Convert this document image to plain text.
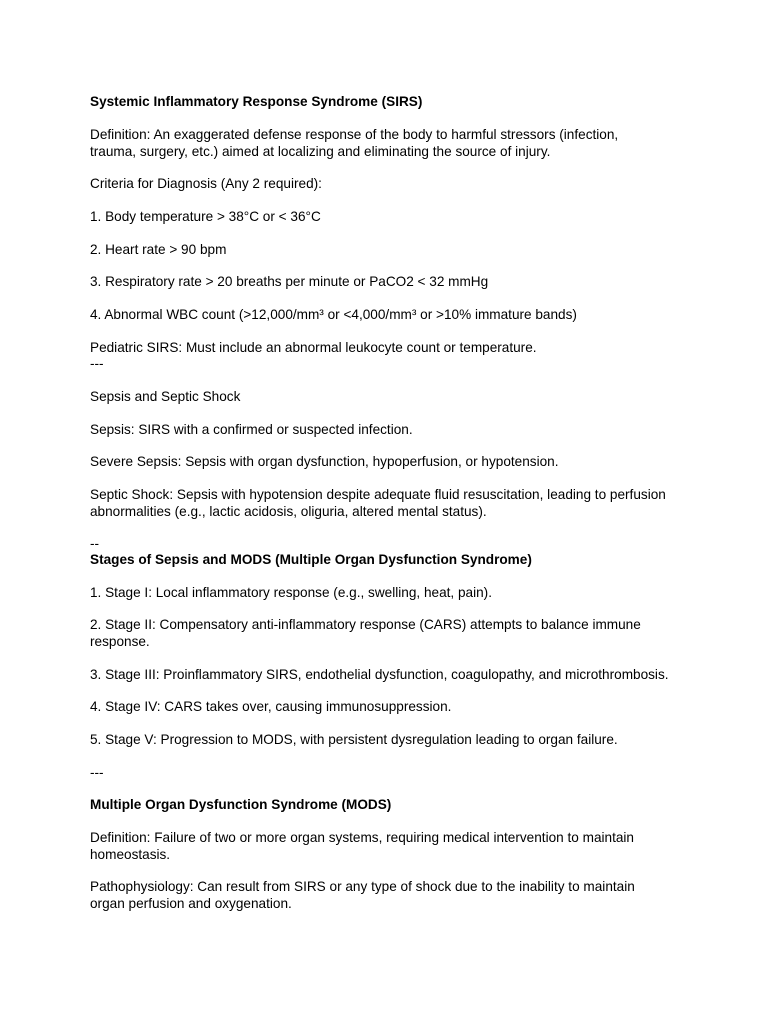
Systemic Inflammatory Response Syndrome (SIRS)

Definition: An exaggerated defense response of the body to harmful stressors (infection,

trauma, surgery, etc.) aimed at localizing and eliminating the source of injury.

Criteria for Diagnosis (Any 2 required):

1. Body temperature > 38°C or < 36°C

2. Heart rate > 90 bpm

3. Respiratory rate > 20 breaths per minute or PaCO2 < 32 mmHg

4. Abnormal WBC count (>12,000/mm³ or <4,000/mm³ or >10% immature bands)

Pediatric SIRS: Must include an abnormal leukocyte count or temperature.

---

Sepsis and Septic Shock

Sepsis: SIRS with a confirmed or suspected infection.

Severe Sepsis: Sepsis with organ dysfunction, hypoperfusion, or hypotension.

Septic Shock: Sepsis with hypotension despite adequate fluid resuscitation, leading to perfusion

abnormalities (e.g., lactic acidosis, oliguria, altered mental status).

--

Stages of Sepsis and MODS (Multiple Organ Dysfunction Syndrome)

1. Stage I: Local inflammatory response (e.g., swelling, heat, pain).

2. Stage II: Compensatory anti-inflammatory response (CARS) attempts to balance immune

response.

3. Stage III: Proinflammatory SIRS, endothelial dysfunction, coagulopathy, and microthrombosis.

4. Stage IV: CARS takes over, causing immunosuppression.

5. Stage V: Progression to MODS, with persistent dysregulation leading to organ failure.

---

Multiple Organ Dysfunction Syndrome (MODS)

Definition: Failure of two or more organ systems, requiring medical intervention to maintain

homeostasis.

Pathophysiology: Can result from SIRS or any type of shock due to the inability to maintain

organ perfusion and oxygenation.
